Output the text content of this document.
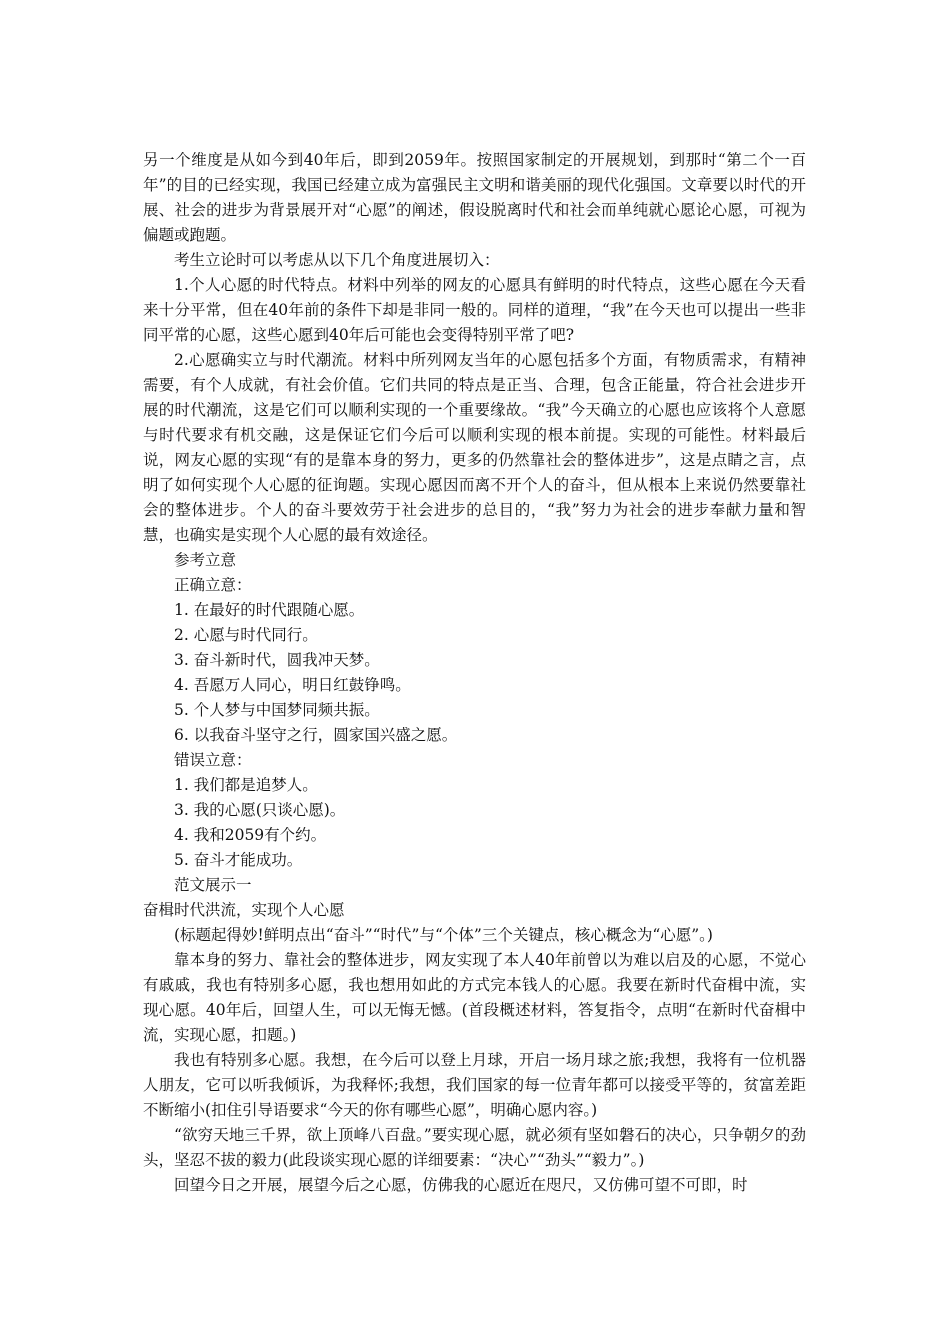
另一个维度是从如今到40年后，即到2059年。按照国家制定的开展规划，到那时“第二个一百年”的目的已经实现，我国已经建立成为富强民主文明和谐美丽的现代化强国。文章要以时代的开展、社会的进步为背景展开对“心愿”的阐述，假设脱离时代和社会而单纯就心愿论心愿，可视为偏题或跑题。

考生立论时可以考虑从以下几个角度进展切入：

1.个人心愿的时代特点。材料中列举的网友的心愿具有鲜明的时代特点，这些心愿在今天看来十分平常，但在40年前的条件下却是非同一般的。同样的道理，“我”在今天也可以提出一些非同平常的心愿，这些心愿到40年后可能也会变得特别平常了吧?

2.心愿确实立与时代潮流。材料中所列网友当年的心愿包括多个方面，有物质需求，有精神需要，有个人成就，有社会价值。它们共同的特点是正当、合理，包含正能量，符合社会进步开展的时代潮流，这是它们可以顺利实现的一个重要缘故。“我”今天确立的心愿也应该将个人意愿与时代要求有机交融，这是保证它们今后可以顺利实现的根本前提。实现的可能性。材料最后说，网友心愿的实现“有的是靠本身的努力，更多的仍然靠社会的整体进步”，这是点睛之言，点明了如何实现个人心愿的征询题。实现心愿因而离不开个人的奋斗，但从根本上来说仍然要靠社会的整体进步。个人的奋斗要效劳于社会进步的总目的，“我”努力为社会的进步奉献力量和智慧，也确实是实现个人心愿的最有效途径。

参考立意

正确立意：

1. 在最好的时代跟随心愿。

2. 心愿与时代同行。

3. 奋斗新时代，圆我冲天梦。

4. 吾愿万人同心，明日红鼓铮鸣。

5. 个人梦与中国梦同频共振。

6. 以我奋斗坚守之行，圆家国兴盛之愿。

错误立意：

1. 我们都是追梦人。

3. 我的心愿(只谈心愿)。

4. 我和2059有个约。

5. 奋斗才能成功。

范文展示一

奋楫时代洪流，实现个人心愿

(标题起得妙!鲜明点出“奋斗”“时代”与“个体”三个关键点，核心概念为“心愿”。)

靠本身的努力、靠社会的整体进步，网友实现了本人40年前曾以为难以启及的心愿，不觉心有戚戚，我也有特别多心愿，我也想用如此的方式完本钱人的心愿。我要在新时代奋楫中流，实现心愿。40年后，回望人生，可以无悔无憾。(首段概述材料，答复指令，点明“在新时代奋楫中流，实现心愿，扣题。)

我也有特别多心愿。我想，在今后可以登上月球，开启一场月球之旅;我想，我将有一位机器人朋友，它可以听我倾诉，为我释怀;我想，我们国家的每一位青年都可以接受平等的，贫富差距不断缩小(扣住引导语要求“今天的你有哪些心愿”，明确心愿内容。)

“欲穷天地三千界，欲上顶峰八百盘。”要实现心愿，就必须有坚如磐石的决心，只争朝夕的劲头，坚忍不拔的毅力(此段谈实现心愿的详细要素：“决心”“劲头”“毅力”。)

回望今日之开展，展望今后之心愿，仿佛我的心愿近在咫尺，又仿佛可望不可即，时
